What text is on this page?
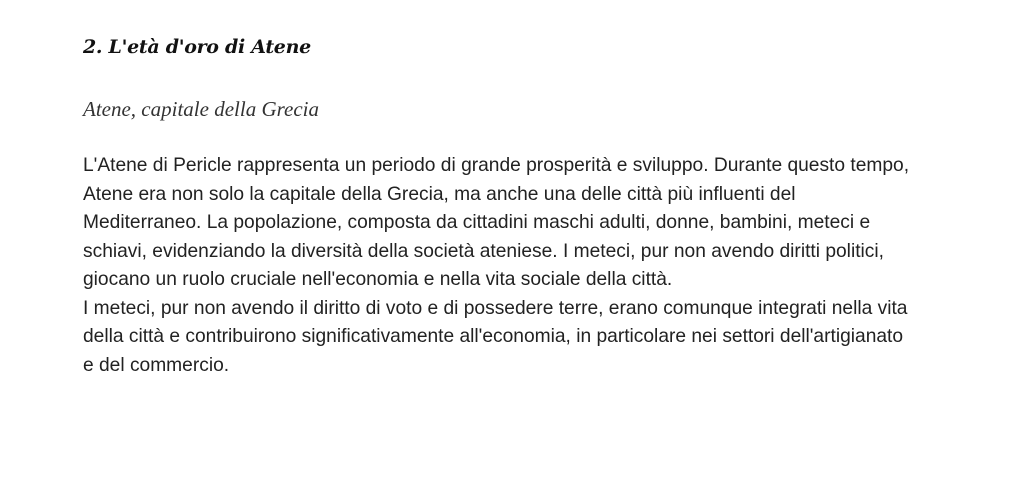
2. L'età d'oro di Atene
Atene, capitale della Grecia

L'Atene di Pericle rappresenta un periodo di grande prosperità e sviluppo. Durante questo tempo, Atene era non solo la capitale della Grecia, ma anche una delle città più influenti del Mediterraneo. La popolazione, composta da cittadini maschi adulti, donne, bambini, meteci e schiavi, evidenziando la diversità della società ateniese. I meteci, pur non avendo diritti politici, giocano un ruolo cruciale nell'economia e nella vita sociale della città.

I meteci, pur non avendo il diritto di voto e di possedere terre, erano comunque integrati nella vita della città e contribuirono significativamente all'economia, in particolare nei settori dell'artigianato e del commercio.
